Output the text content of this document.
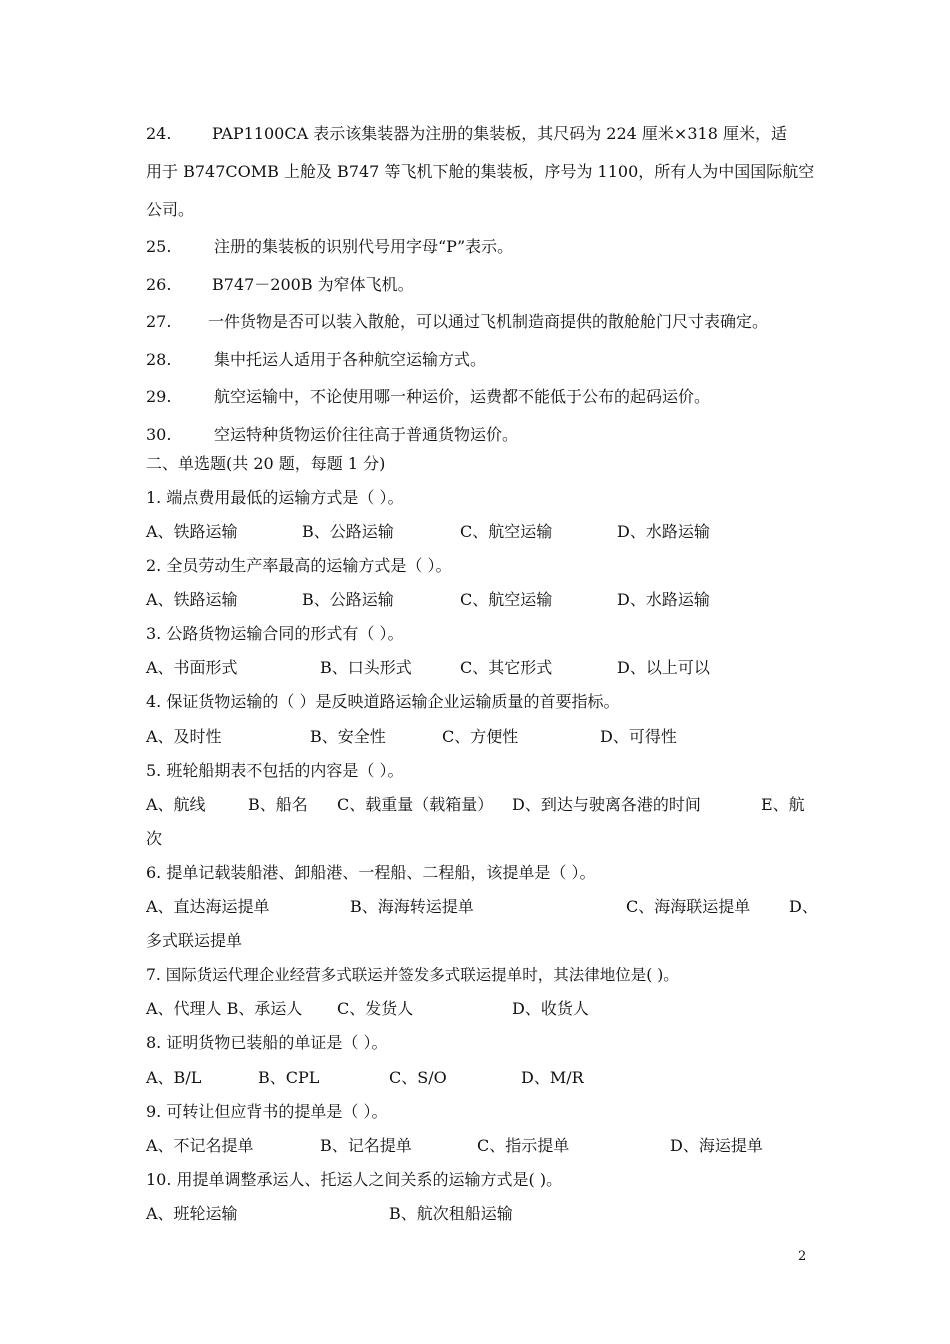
24.	PAP1100CA 表示该集装器为注册的集装板，其尺码为 224 厘米×318 厘米，适
用于 B747COMB 上舱及 B747 等飞机下舱的集装板，序号为 1100，所有人为中国国际航空
公司。
25.	注册的集装板的识别代号用字母“P”表示。
26.	B747－200B 为窄体飞机。
27. 一件货物是否可以装入散舱，可以通过飞机制造商提供的散舱舱门尺寸表确定。
28.	集中托运人适用于各种航空运输方式。
29.	航空运输中，不论使用哪一种运价，运费都不能低于公布的起码运价。
30.	空运特种货物运价往往高于普通货物运价。
二、单选题(共 20 题，每题 1 分)
1. 端点费用最低的运输方式是（ ）。
A、铁路运输	B、公路运输	C、航空运输	D、水路运输
2. 全员劳动生产率最高的运输方式是（ ）。
A、铁路运输	B、公路运输	C、航空运输	D、水路运输
3. 公路货物运输合同的形式有（ ）。
A、书面形式	B、口头形式	C、其它形式	D、以上可以
4. 保证货物运输的（ ）是反映道路运输企业运输质量的首要指标。
A、及时性	B、安全性	C、方便性	D、可得性
5. 班轮船期表不包括的内容是（ ）。
A、航线	B、船名 C、载重量（载箱量） D、到达与驶离各港的时间	E、航
次
6. 提单记载装船港、卸船港、一程船、二程船，该提单是（ ）。
A、直达海运提单	B、海海转运提单	C、海海联运提单 D、
多式联运提单
7. 国际货运代理企业经营多式联运并签发多式联运提单时，其法律地位是( )。
A、代理人 B、承运人 C、发货人	D、收货人
8. 证明货物已装船的单证是（ ）。
A、B/L	B、CPL	C、S/O	D、M/R
9. 可转让但应背书的提单是（ ）。
A、不记名提单	B、记名提单	C、指示提单	D、海运提单
10. 用提单调整承运人、托运人之间关系的运输方式是( )。
A、班轮运输	B、航次租船运输
2
